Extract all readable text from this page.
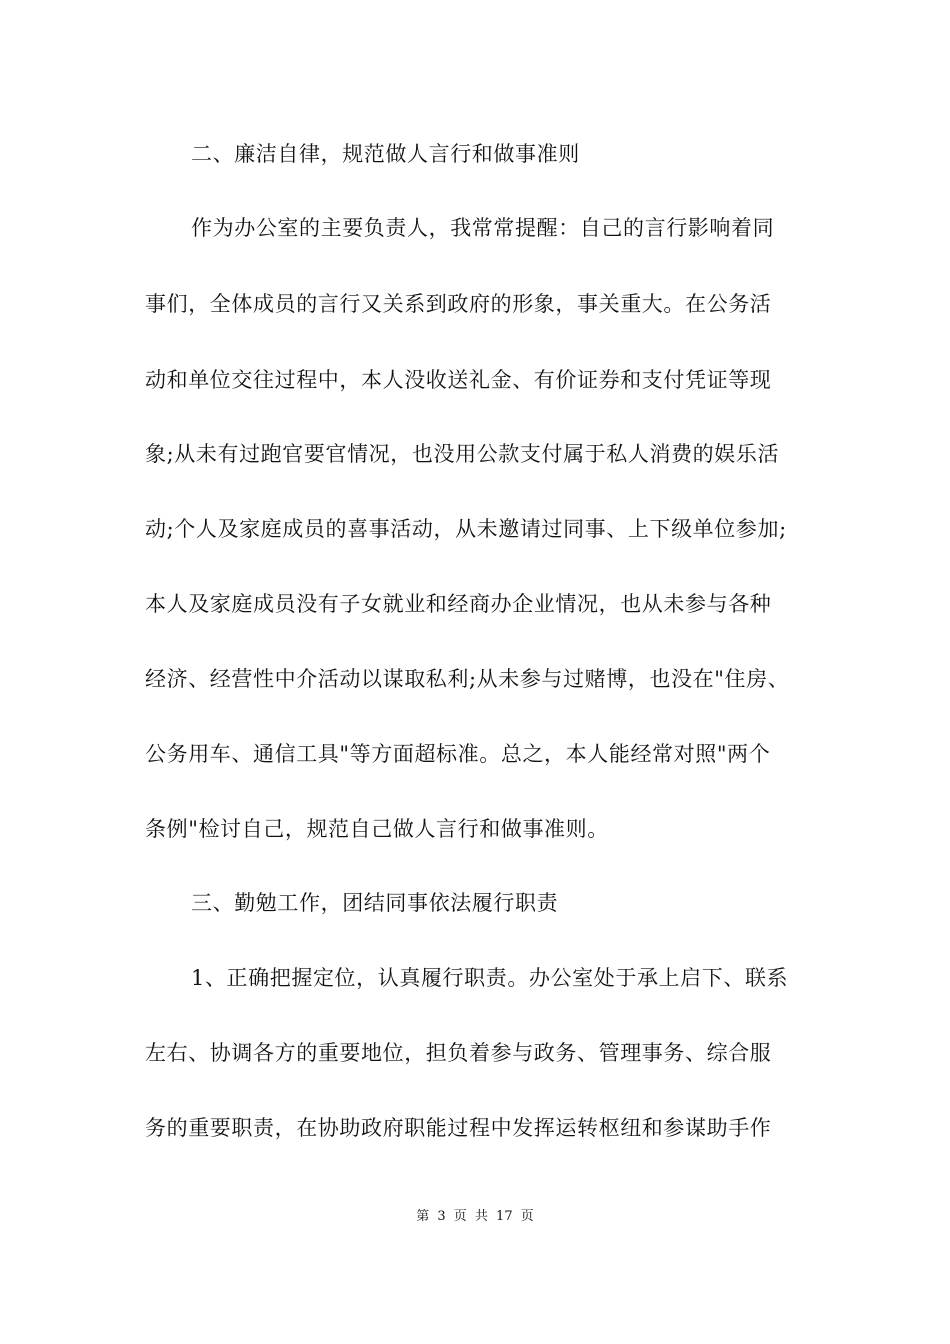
二、廉洁自律，规范做人言行和做事准则
作为办公室的主要负责人，我常常提醒：自己的言行影响着同
事们，全体成员的言行又关系到政府的形象，事关重大。在公务活
动和单位交往过程中，本人没收送礼金、有价证券和支付凭证等现
象;从未有过跑官要官情况，也没用公款支付属于私人消费的娱乐活
动;个人及家庭成员的喜事活动，从未邀请过同事、上下级单位参加;
本人及家庭成员没有子女就业和经商办企业情况，也从未参与各种
经济、经营性中介活动以谋取私利;从未参与过赌博，也没在"住房、
公务用车、通信工具"等方面超标准。总之，本人能经常对照"两个
条例"检讨自己，规范自己做人言行和做事准则。
三、勤勉工作，团结同事依法履行职责
1、正确把握定位，认真履行职责。办公室处于承上启下、联系
左右、协调各方的重要地位，担负着参与政务、管理事务、综合服
务的重要职责，在协助政府职能过程中发挥运转枢纽和参谋助手作
第 3 页 共 17 页
